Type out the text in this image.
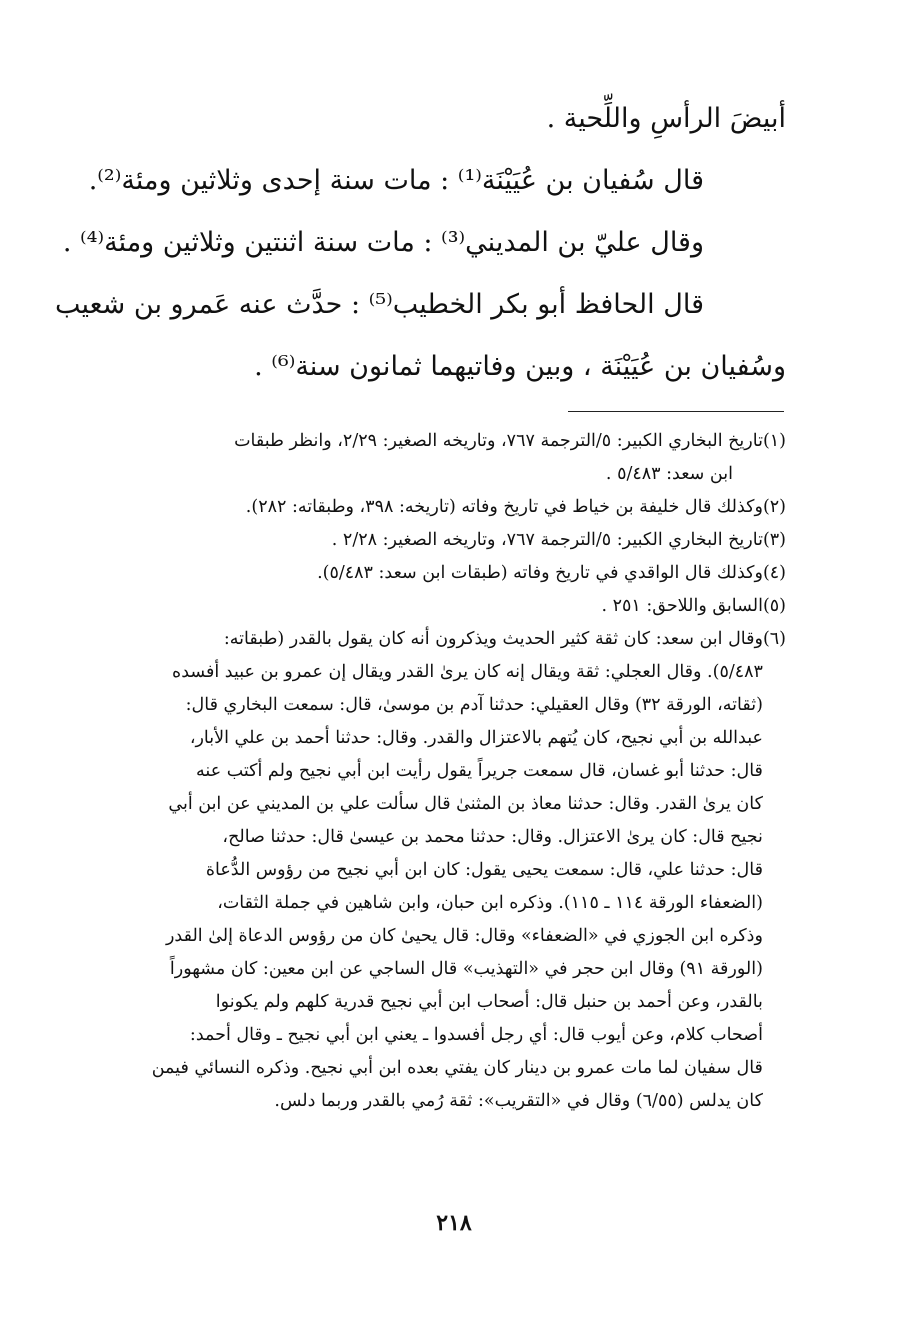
أبيضَ الرأسِ واللِّحية .

قال سُفيان بن عُيَيْنَة⁽¹⁾ : مات سنة إحدى وثلاثين ومئة⁽²⁾.

وقال عليّ بن المديني⁽³⁾ : مات سنة اثنتين وثلاثين ومئة⁽⁴⁾ .

قال الحافظ أبو بكر الخطيب⁽⁵⁾ : حدَّث عنه عَمرو بن شعيب

وسُفيان بن عُيَيْنَة ، وبين وفاتيهما ثمانون سنة⁽⁶⁾ .

(١)

تاريخ البخاري الكبير: ٥/الترجمة ٧٦٧، وتاريخه الصغير: ٢/٢٩، وانظر طبقات

ابن سعد: ٥/٤٨٣ .

(٢)

وكذلك قال خليفة بن خياط في تاريخ وفاته (تاريخه: ٣٩٨، وطبقاته: ٢٨٢).

(٣)

تاريخ البخاري الكبير: ٥/الترجمة ٧٦٧، وتاريخه الصغير: ٢/٢٨ .

(٤)

وكذلك قال الواقدي في تاريخ وفاته (طبقات ابن سعد: ٥/٤٨٣).

(٥)

السابق واللاحق: ٢٥١ .

(٦)

وقال ابن سعد: كان ثقة كثير الحديث ويذكرون أنه كان يقول بالقدر (طبقاته:

٥/٤٨٣). وقال العجلي: ثقة ويقال إنه كان يرىٰ القدر ويقال إن عمرو بن عبيد أفسده

(ثقاته، الورقة ٣٢) وقال العقيلي: حدثنا آدم بن موسىٰ، قال: سمعت البخاري قال:

عبدالله بن أبي نجيح، كان يُتهم بالاعتزال والقدر. وقال: حدثنا أحمد بن علي الأبار،

قال: حدثنا أبو غسان، قال سمعت جريراً يقول رأيت ابن أبي نجيح ولم أكتب عنه

كان يرىٰ القدر. وقال: حدثنا معاذ بن المثنىٰ قال سألت علي بن المديني عن ابن أبي

نجيح قال: كان يرىٰ الاعتزال. وقال: حدثنا محمد بن عيسىٰ قال: حدثنا صالح،

قال: حدثنا علي، قال: سمعت يحيى يقول: كان ابن أبي نجيح من رؤوس الدُّعاة

(الضعفاء الورقة ١١٤ ـ ١١٥). وذكره ابن حبان، وابن شاهين في جملة الثقات،

وذكره ابن الجوزي في «الضعفاء» وقال: قال يحيىٰ كان من رؤوس الدعاة إلىٰ القدر

(الورقة ٩١) وقال ابن حجر في «التهذيب» قال الساجي عن ابن معين: كان مشهوراً

بالقدر، وعن أحمد بن حنبل قال: أصحاب ابن أبي نجيح قدرية كلهم ولم يكونوا

أصحاب كلام، وعن أيوب قال: أي رجل أفسدوا ـ يعني ابن أبي نجيح ـ وقال أحمد:

قال سفيان لما مات عمرو بن دينار كان يفتي بعده ابن أبي نجيح. وذكره النسائي فيمن

كان يدلس (٦/٥٥) وقال في «التقريب»: ثقة رُمي بالقدر وربما دلس.

٢١٨
